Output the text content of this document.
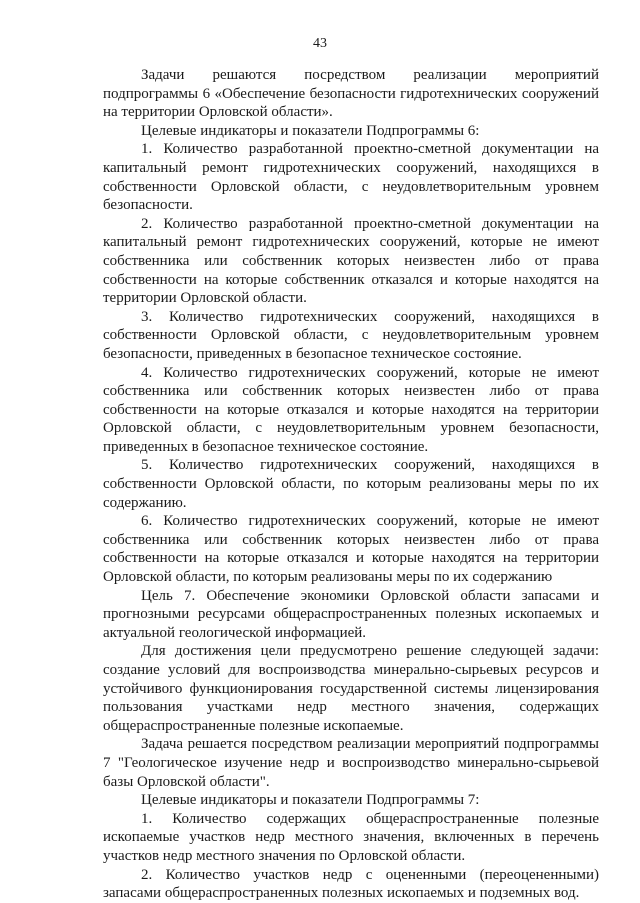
43

Задачи решаются посредством реализации мероприятий подпрограммы 6 «Обеспечение безопасности гидротехнических сооружений на территории Орловской области».

Целевые индикаторы и показатели Подпрограммы 6:

1. Количество разработанной проектно-сметной документации на капитальный ремонт гидротехнических сооружений, находящихся в собственности Орловской области, с неудовлетворительным уровнем безопасности.

2. Количество разработанной проектно-сметной документации на капитальный ремонт гидротехнических сооружений, которые не имеют собственника или собственник которых неизвестен либо от права собственности на которые собственник отказался и которые находятся на территории Орловской области.

3. Количество гидротехнических сооружений, находящихся в собственности Орловской области, с неудовлетворительным уровнем безопасности, приведенных в безопасное техническое состояние.

4. Количество гидротехнических сооружений, которые не имеют собственника или собственник которых неизвестен либо от права собственности на которые отказался и которые находятся на территории Орловской области, с неудовлетворительным уровнем безопасности, приведенных в безопасное техническое состояние.

5. Количество гидротехнических сооружений, находящихся в собственности Орловской области, по которым реализованы меры по их содержанию.

6. Количество гидротехнических сооружений, которые не имеют собственника или собственник которых неизвестен либо от права собственности на которые отказался и которые находятся на территории Орловской области, по которым реализованы меры по их содержанию

Цель 7. Обеспечение экономики Орловской области запасами и прогнозными ресурсами общераспространенных полезных ископаемых и актуальной геологической информацией.

Для достижения цели предусмотрено решение следующей задачи: создание условий для воспроизводства минерально-сырьевых ресурсов и устойчивого функционирования государственной системы лицензирования пользования участками недр местного значения, содержащих общераспространенные полезные ископаемые.

Задача решается посредством реализации мероприятий подпрограммы 7 "Геологическое изучение недр и воспроизводство минерально-сырьевой базы Орловской области".

Целевые индикаторы и показатели Подпрограммы 7:

1. Количество содержащих общераспространенные полезные ископаемые участков недр местного значения, включенных в перечень участков недр местного значения по Орловской области.

2. Количество участков недр с оцененными (переоцененными) запасами общераспространенных полезных ископаемых и подземных вод.
